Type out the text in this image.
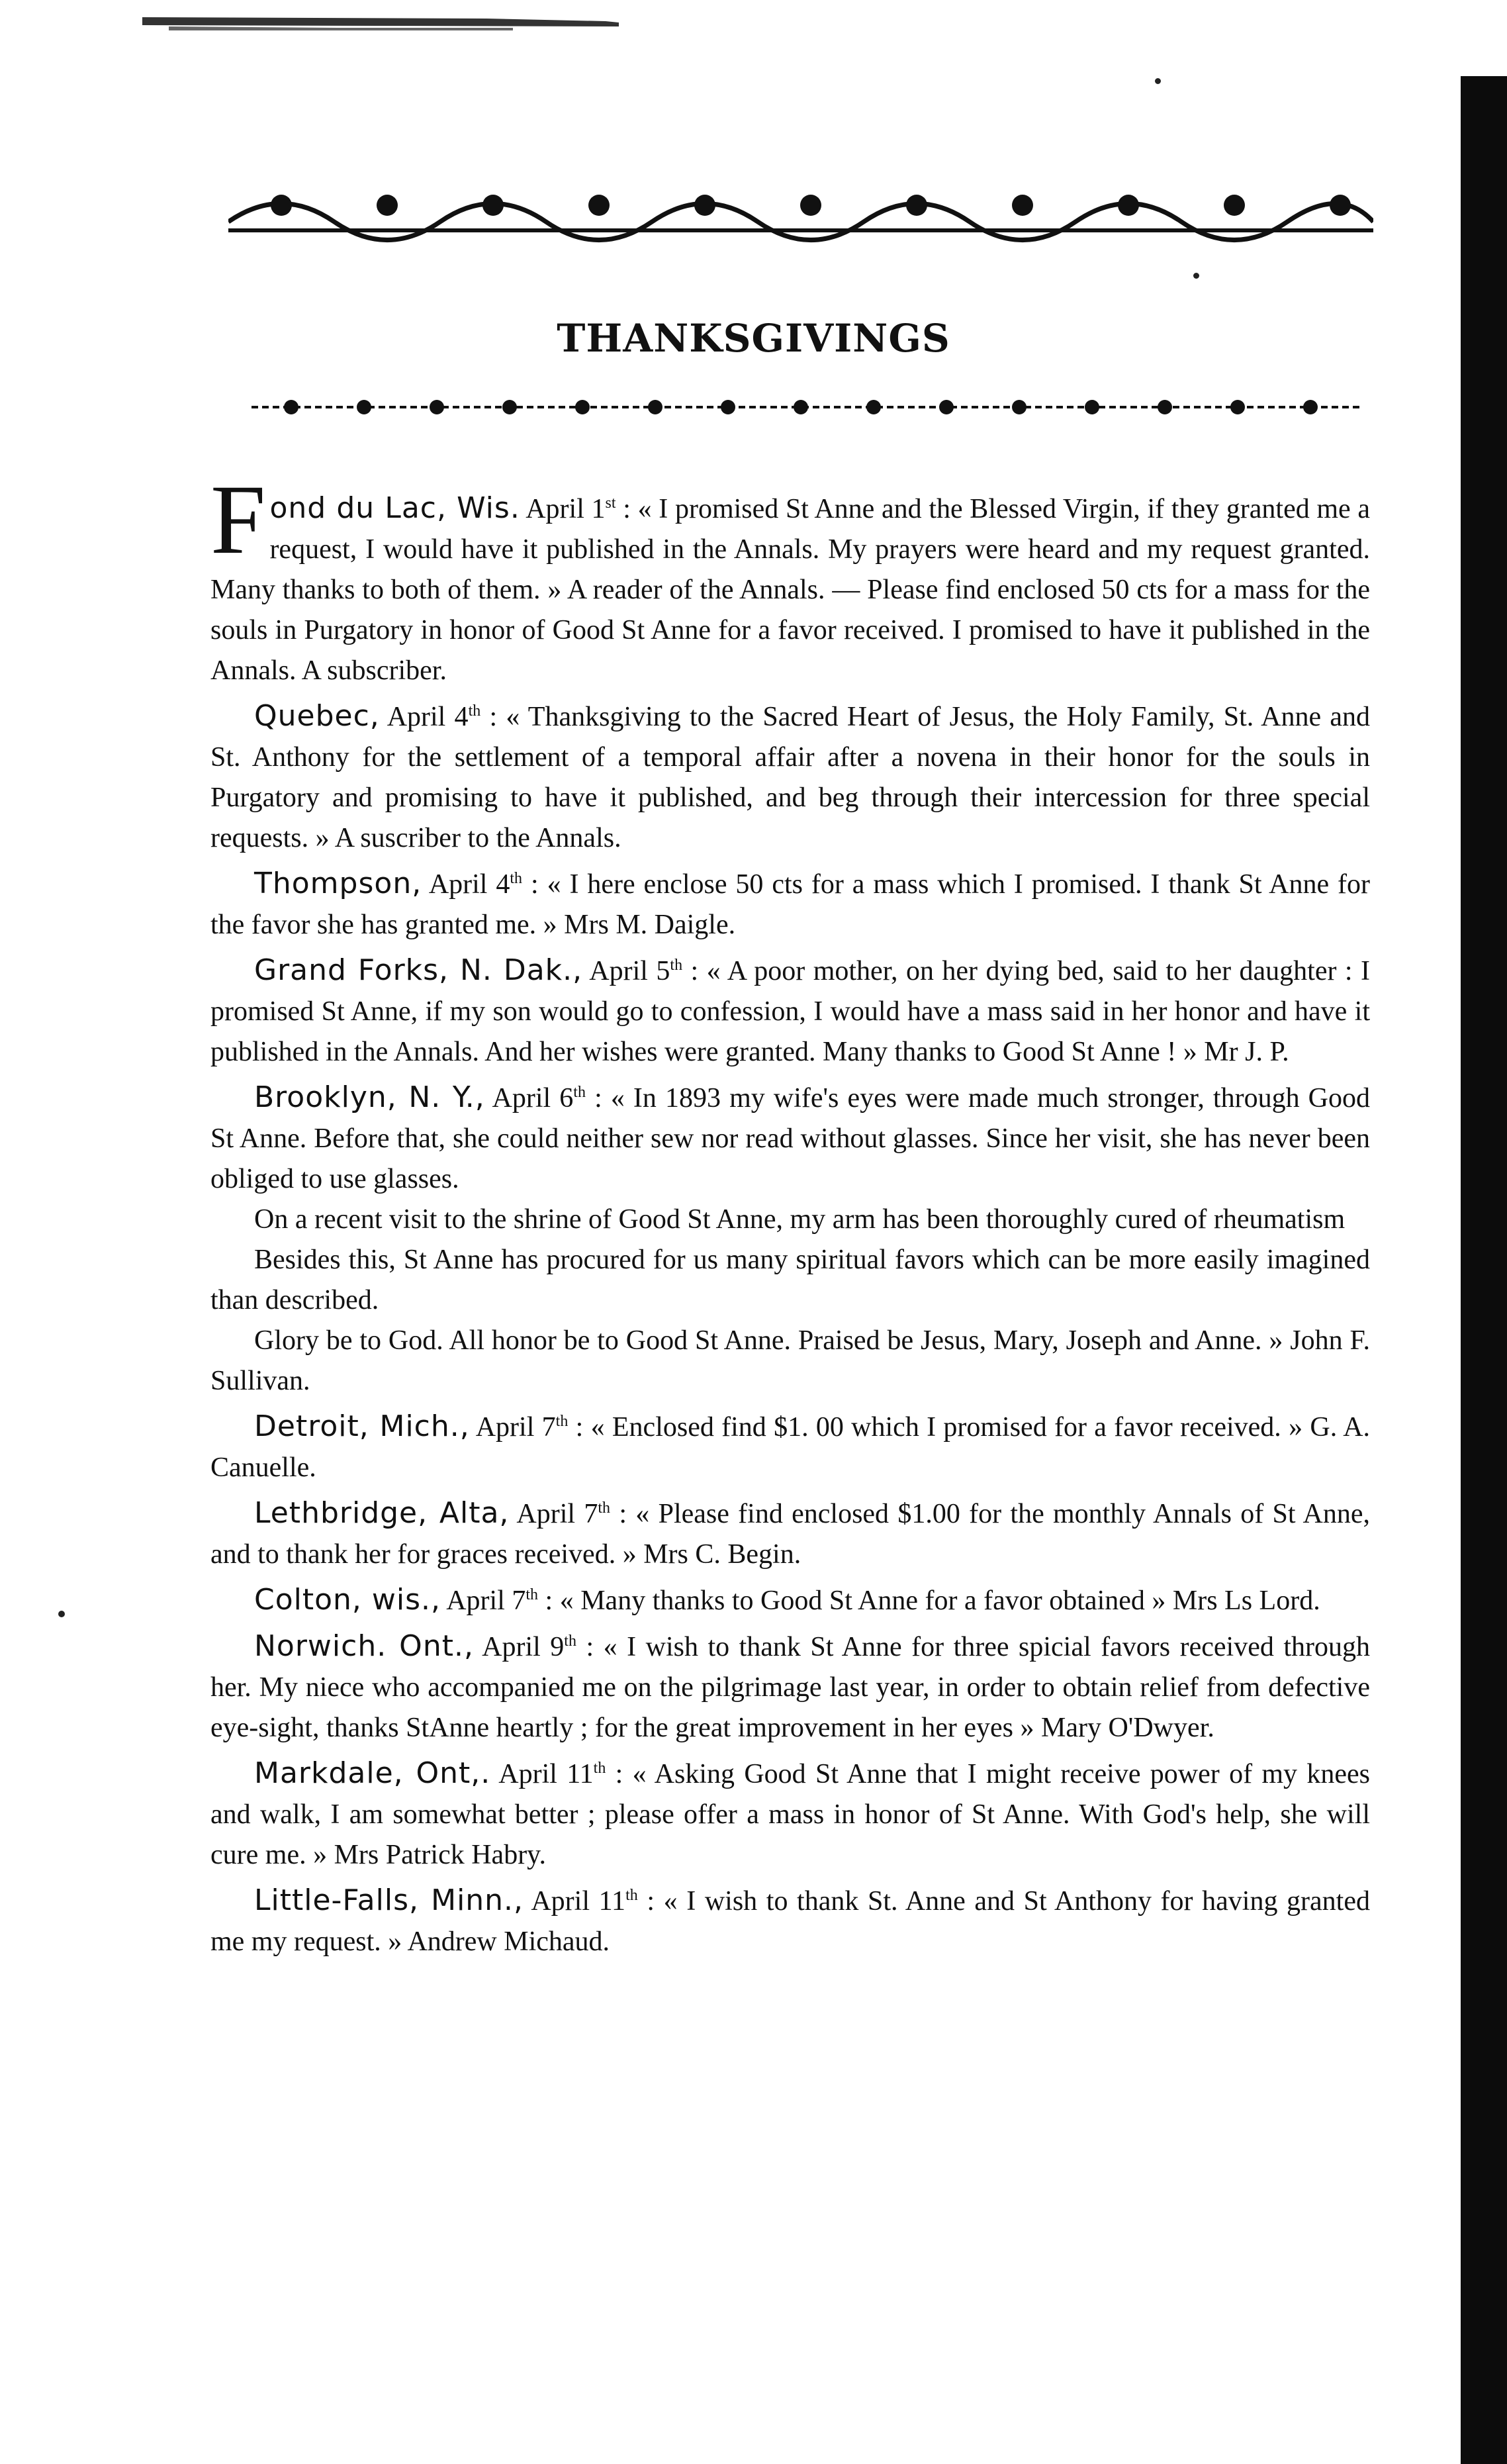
THANKSGIVINGS

Fond du Lac, Wis. April 1st : « I promised St Anne and the Blessed Virgin, if they granted me a request, I would have it published in the Annals. My prayers were heard and my request granted. Many thanks to both of them. » A reader of the Annals. — Please find enclosed 50 cts for a mass for the souls in Purgatory in honor of Good St Anne for a favor received. I promised to have it published in the Annals. A subscriber.

Quebec, April 4th : « Thanksgiving to the Sacred Heart of Jesus, the Holy Family, St. Anne and St. Anthony for the settlement of a temporal affair after a novena in their honor for the souls in Purgatory and promising to have it published, and beg through their intercession for three special requests. » A suscriber to the Annals.

Thompson, April 4th : « I here enclose 50 cts for a mass which I promised. I thank St Anne for the favor she has granted me. » Mrs M. Daigle.

Grand Forks, N. Dak., April 5th : « A poor mother, on her dying bed, said to her daughter : I promised St Anne, if my son would go to confession, I would have a mass said in her honor and have it published in the Annals. And her wishes were granted. Many thanks to Good St Anne ! » Mr J. P.

Brooklyn, N. Y., April 6th : « In 1893 my wife's eyes were made much stronger, through Good St Anne. Before that, she could neither sew nor read without glasses. Since her visit, she has never been obliged to use glasses.

On a recent visit to the shrine of Good St Anne, my arm has been thoroughly cured of rheumatism

Besides this, St Anne has procured for us many spiritual favors which can be more easily imagined than described.

Glory be to God. All honor be to Good St Anne. Praised be Jesus, Mary, Joseph and Anne. » John F. Sullivan.

Detroit, Mich., April 7th : « Enclosed find $1. 00 which I promised for a favor received. » G. A. Canuelle.

Lethbridge, Alta, April 7th : « Please find enclosed $1.00 for the monthly Annals of St Anne, and to thank her for graces received. » Mrs C. Begin.

Colton, wis., April 7th : « Many thanks to Good St Anne for a favor obtained » Mrs Ls Lord.

Norwich. Ont., April 9th : « I wish to thank St Anne for three spicial favors received through her. My niece who accompanied me on the pilgrimage last year, in order to obtain relief from defective eye-sight, thanks StAnne heartly ; for the great improvement in her eyes » Mary O'Dwyer.

Markdale, Ont,. April 11th : « Asking Good St Anne that I might receive power of my knees and walk, I am somewhat better ; please offer a mass in honor of St Anne. With God's help, she will cure me. » Mrs Patrick Habry.

Little-Falls, Minn., April 11th : « I wish to thank St. Anne and St Anthony for having granted me my request. » Andrew Michaud.
